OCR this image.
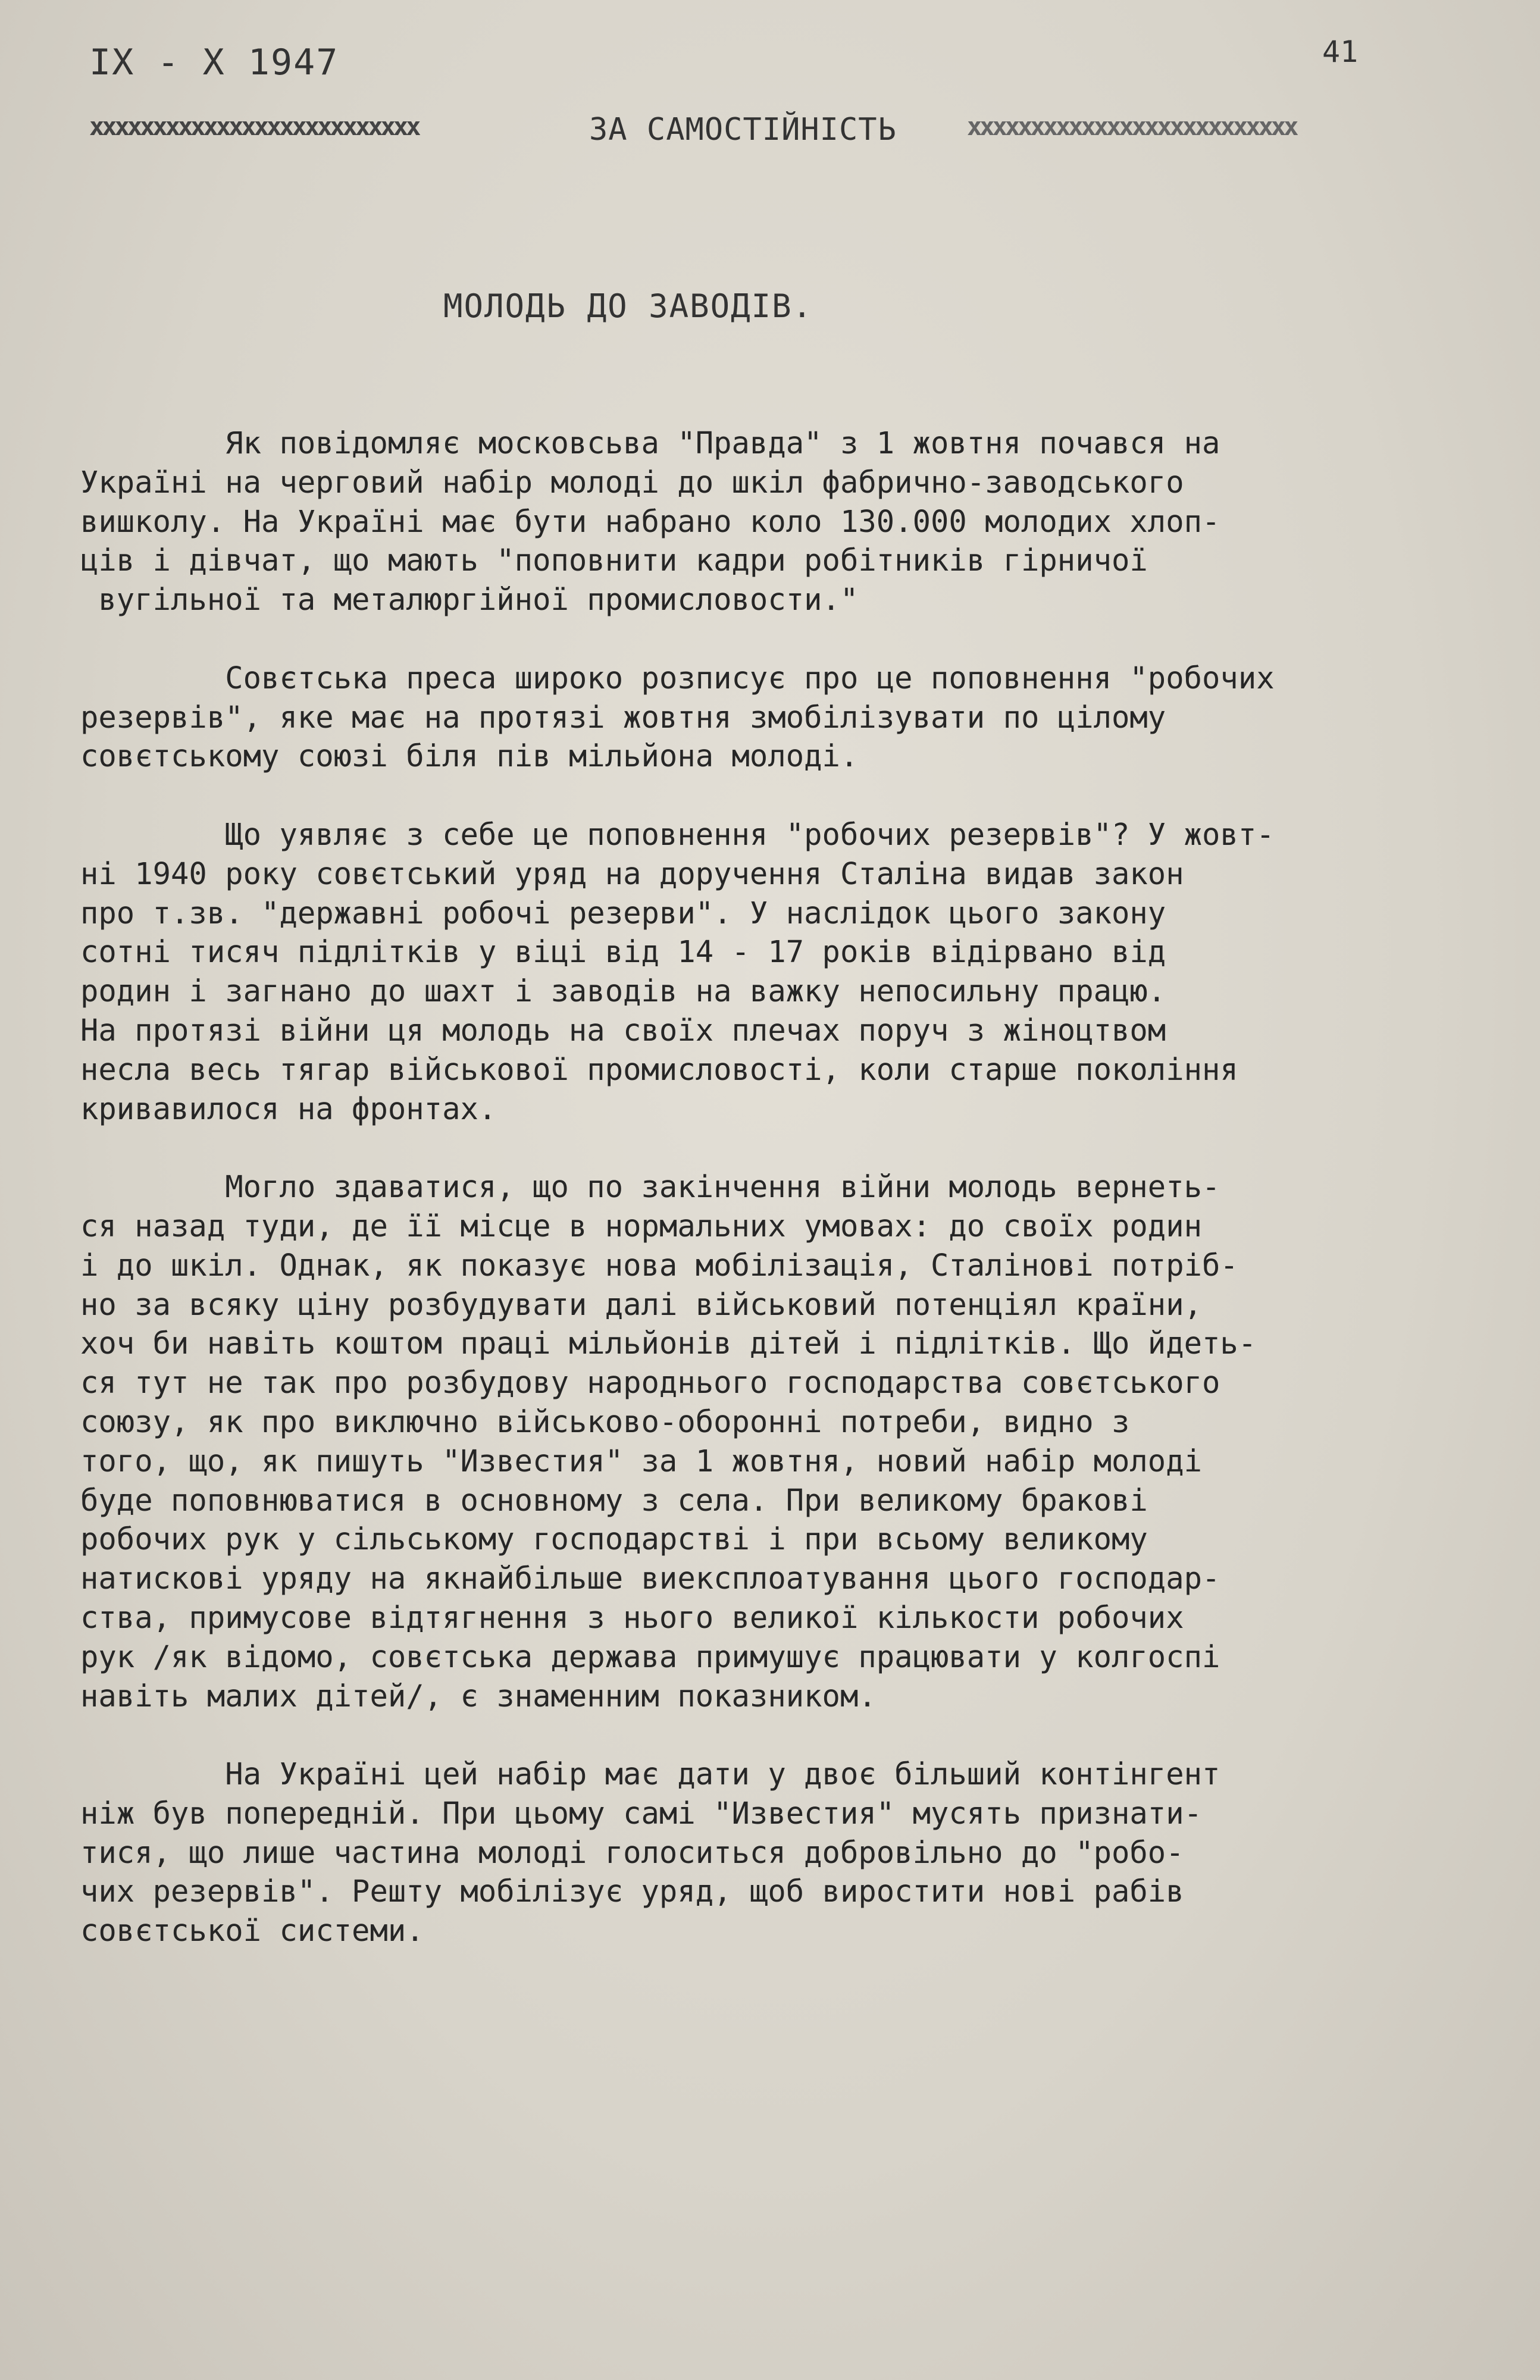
IX - X 1947	41
xxxxxxxxxxxxxxxxxxxxxxxxxx	ЗА САМОСТІЙНІСТЬ	xxxxxxxxxxxxxxxxxxxxxxxxxx
МОЛОДЬ ДО ЗАВОДІВ.
Як повідомляє московсьва "Правда" з 1 жовтня почався на
Україні на черговий набір молоді до шкіл фабрично-заводського
вишколу. На Україні має бути набрано коло 130.000 молодих хлоп-
ців і дівчат, що мають "поповнити кадри робітників гірничої
вугільної та металюргійної промисловости."

Совєтська преса широко розписує про це поповнення "робочих
резервів", яке має на протязі жовтня змобілізувати по цілому
совєтському союзі біля пів мільйона молоді.

Що уявляє з себе це поповнення "робочих резервів"? У жовт-
ні 1940 року совєтський уряд на доручення Сталіна видав закон
про т.зв. "державні робочі резерви". У наслідок цього закону
сотні тисяч підлітків у віці від 14 - 17 років відірвано від
родин і загнано до шахт і заводів на важку непосильну працю.
На протязі війни ця молодь на своїх плечах поруч з жіноцтвом
несла весь тягар військової промисловості, коли старше покоління
кривавилося на фронтах.

Могло здаватися, що по закінчення війни молодь вернеть-
ся назад туди, де її місце в нормальних умовах: до своїх родин
і до шкіл. Однак, як показує нова мобілізація, Сталінові потріб-
но за всяку ціну розбудувати далі військовий потенціял країни,
хоч би навіть коштом праці мільйонів дітей і підлітків. Що йдеть-
ся тут не так про розбудову народнього господарства совєтського
союзу, як про виключно військово-оборонні потреби, видно з
того, що, як пишуть "Известия" за 1 жовтня, новий набір молоді
буде поповнюватися в основному з села. При великому бракові
робочих рук у сільському господарстві і при всьому великому
натискові уряду на якнайбільше виексплоатування цього господар-
ства, примусове відтягнення з нього великої кількости робочих
рук /як відомо, совєтська держава примушує працювати у колгоспі
навіть малих дітей/, є знаменним показником.

На Україні цей набір має дати у двоє більший контінгент
ніж був попередній. При цьому самі "Известия" мусять признати-
тися, що лише частина молоді голоситься добровільно до "робо-
чих резервів". Решту мобілізує уряд, щоб виростити нові рабів
совєтської системи.
